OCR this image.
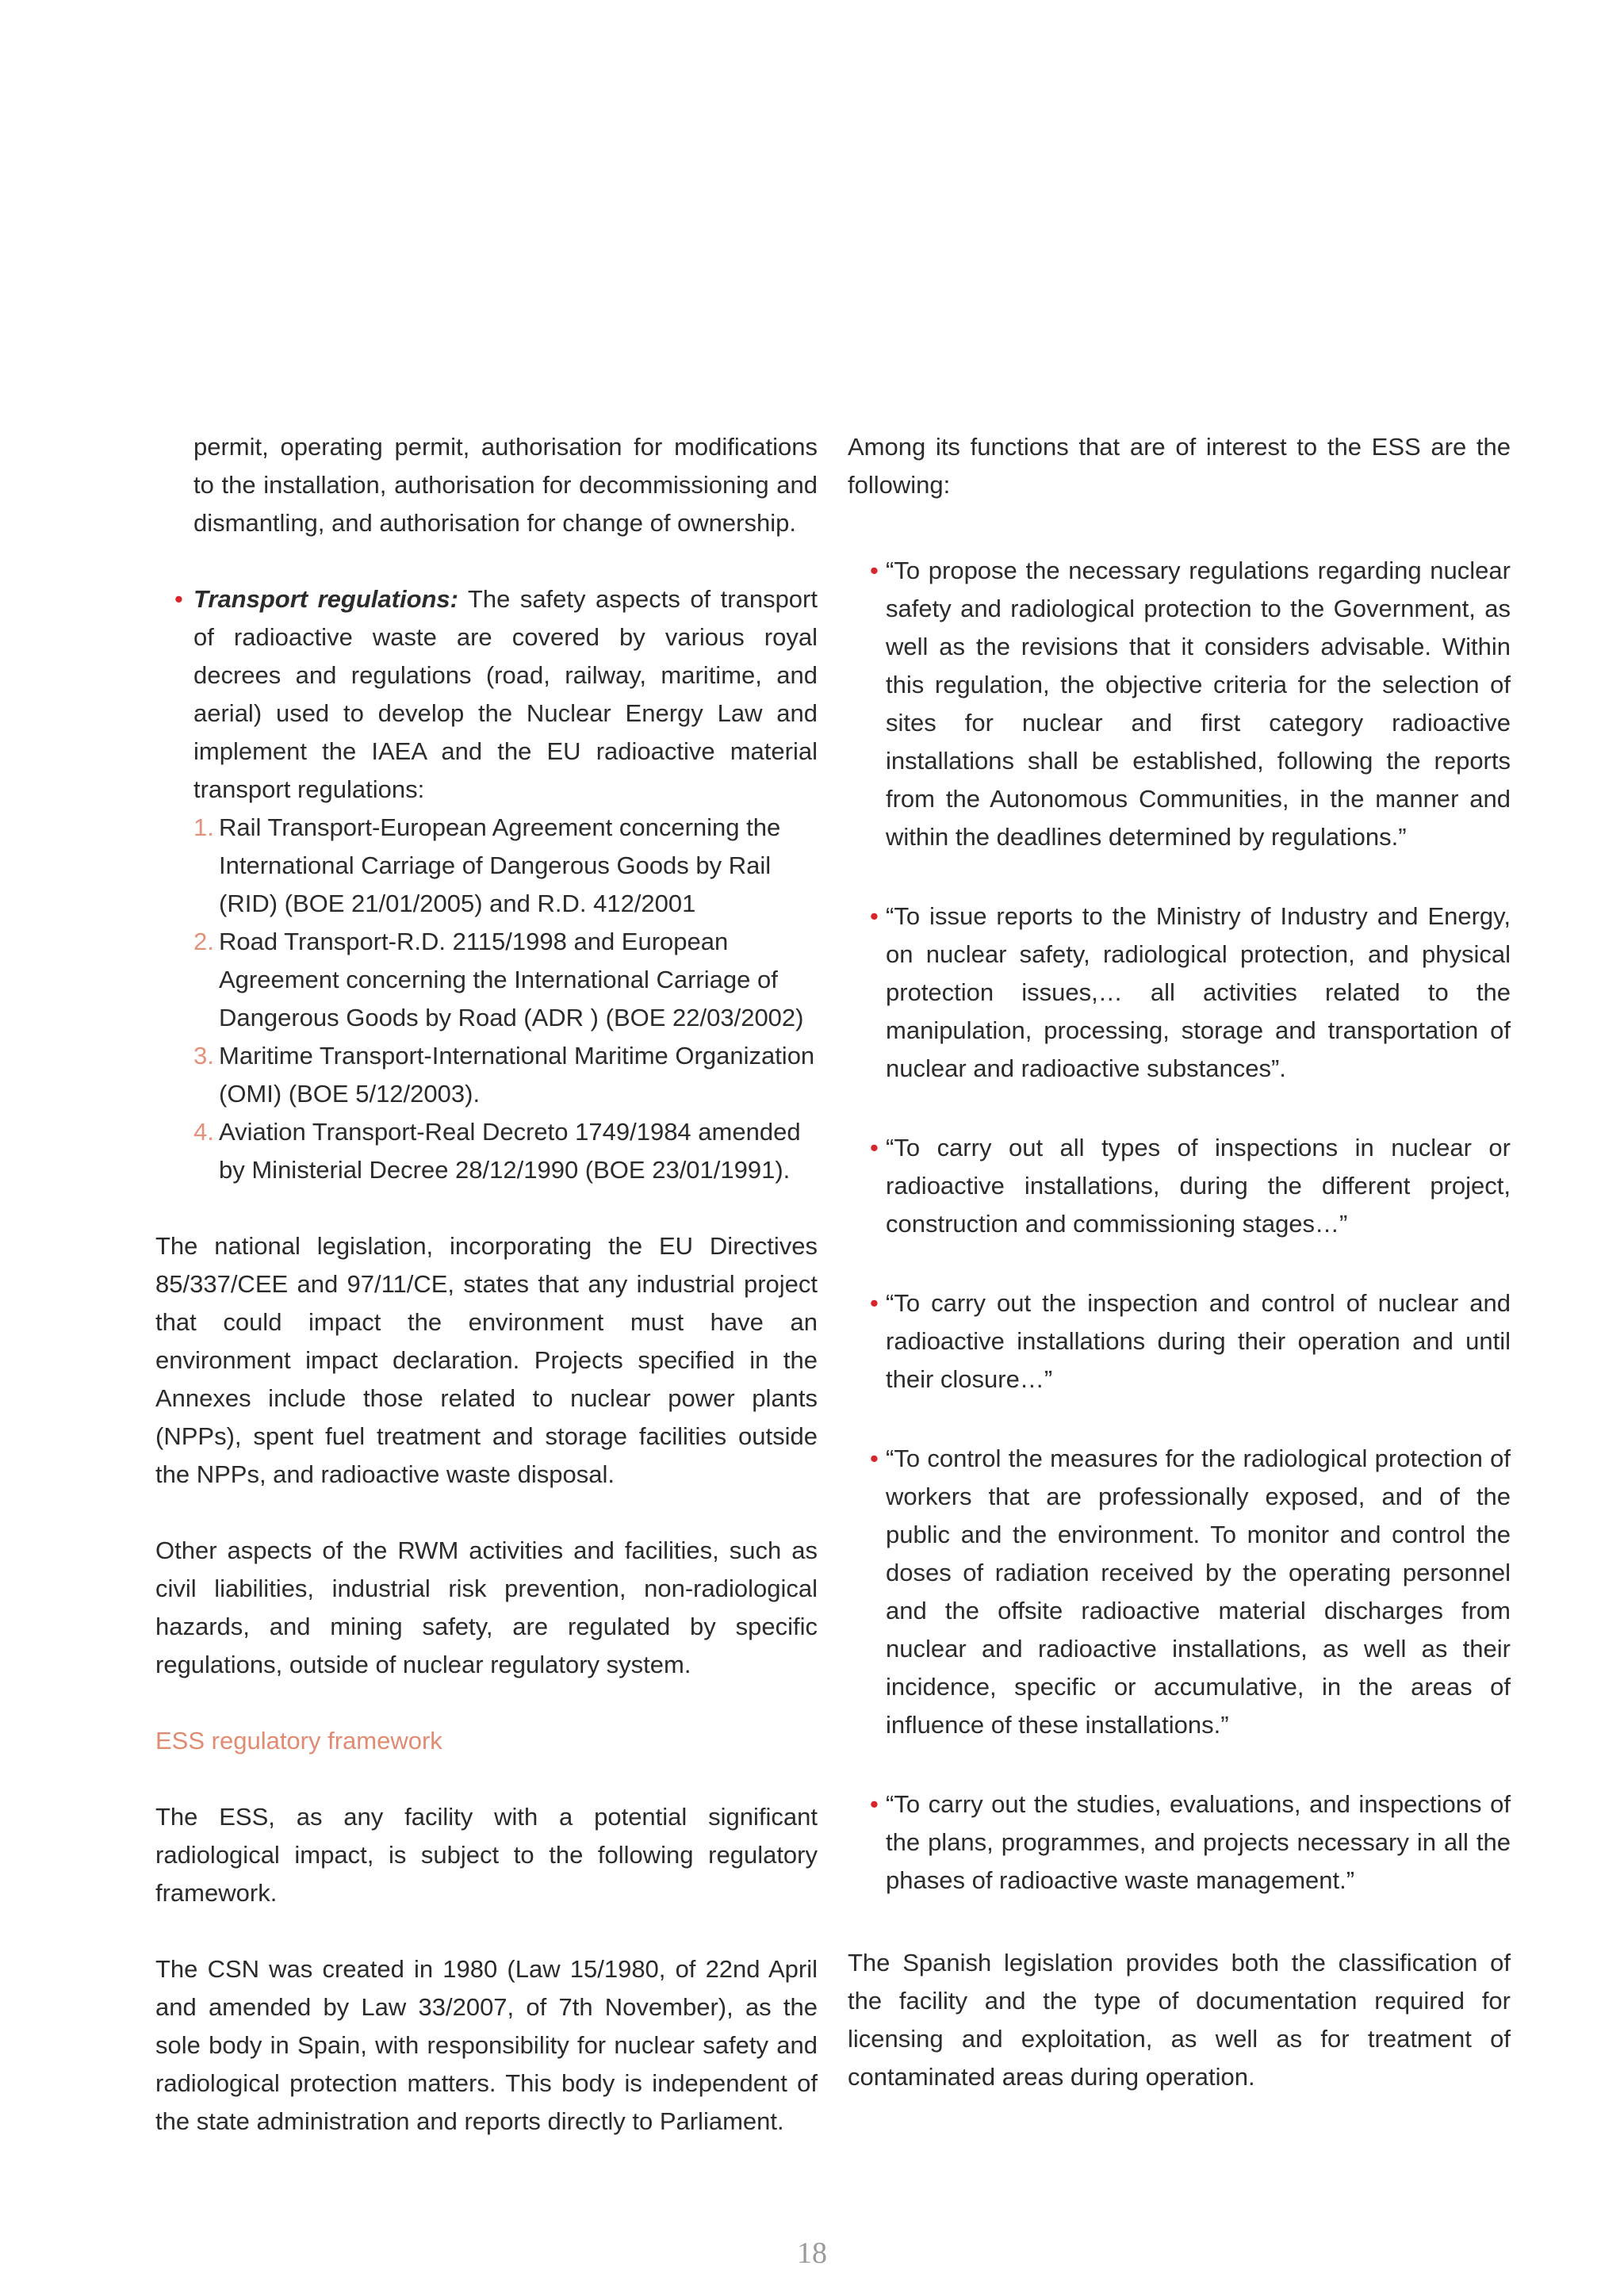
permit, operating permit, authorisation for modifications to the installation, authorisation for decommissioning and dismantling, and authorisation for change of ownership.

• Transport regulations: The safety aspects of transport of radioactive waste are covered by various royal decrees and regulations (road, railway, maritime, and aerial) used to develop the Nuclear Energy Law and implement the IAEA and the EU radioactive material transport regulations:

1. Rail Transport-European Agreement concerning the International Carriage of Dangerous Goods by Rail (RID) (BOE 21/01/2005) and R.D. 412/2001
2. Road Transport-R.D. 2115/1998 and European Agreement concerning the International Carriage of Dangerous Goods by Road (ADR ) (BOE 22/03/2002)
3. Maritime Transport-International Maritime Organization (OMI) (BOE 5/12/2003).
4. Aviation Transport-Real Decreto 1749/1984 amended by Ministerial Decree 28/12/1990 (BOE 23/01/1991).

The national legislation, incorporating the EU Directives 85/337/CEE and 97/11/CE, states that any industrial project that could impact the environment must have an environment impact declaration. Projects specified in the Annexes include those related to nuclear power plants (NPPs), spent fuel treatment and storage facilities outside the NPPs, and radioactive waste disposal.

Other aspects of the RWM activities and facilities, such as civil liabilities, industrial risk prevention, non-radiological hazards, and mining safety, are regulated by specific regulations, outside of nuclear regulatory system.

ESS regulatory framework

The ESS, as any facility with a potential significant radiological impact, is subject to the following regulatory framework.

The CSN was created in 1980 (Law 15/1980, of 22nd April and amended by Law 33/2007, of 7th November), as the sole body in Spain, with responsibility for nuclear safety and radiological protection matters. This body is independent of the state administration and reports directly to Parliament.

Among its functions that are of interest to the ESS are the following:

• “To propose the necessary regulations regarding nuclear safety and radiological protection to the Government, as well as the revisions that it considers advisable. Within this regulation, the objective criteria for the selection of sites for nuclear and first category radioactive installations shall be established, following the reports from the Autonomous Communities, in the manner and within the deadlines determined by regulations.”

• “To issue reports to the Ministry of Industry and Energy, on nuclear safety, radiological protection, and physical protection issues,… all activities related to the manipulation, processing, storage and transportation of nuclear and radioactive substances”.

• “To carry out all types of inspections in nuclear or radioactive installations, during the different project, construction and commissioning stages…”

• “To carry out the inspection and control of nuclear and radioactive installations during their operation and until their closure…”

• “To control the measures for the radiological protection of workers that are professionally exposed, and of the public and the environment. To monitor and control the doses of radiation received by the operating personnel and the offsite radioactive material discharges from nuclear and radioactive installations, as well as their incidence, specific or accumulative, in the areas of influence of these installations.”

• “To carry out the studies, evaluations, and inspections of the plans, programmes, and projects necessary in all the phases of radioactive waste management.”

The Spanish legislation provides both the classification of the facility and the type of documentation required for licensing and exploitation, as well as for treatment of contaminated areas during operation.

18
